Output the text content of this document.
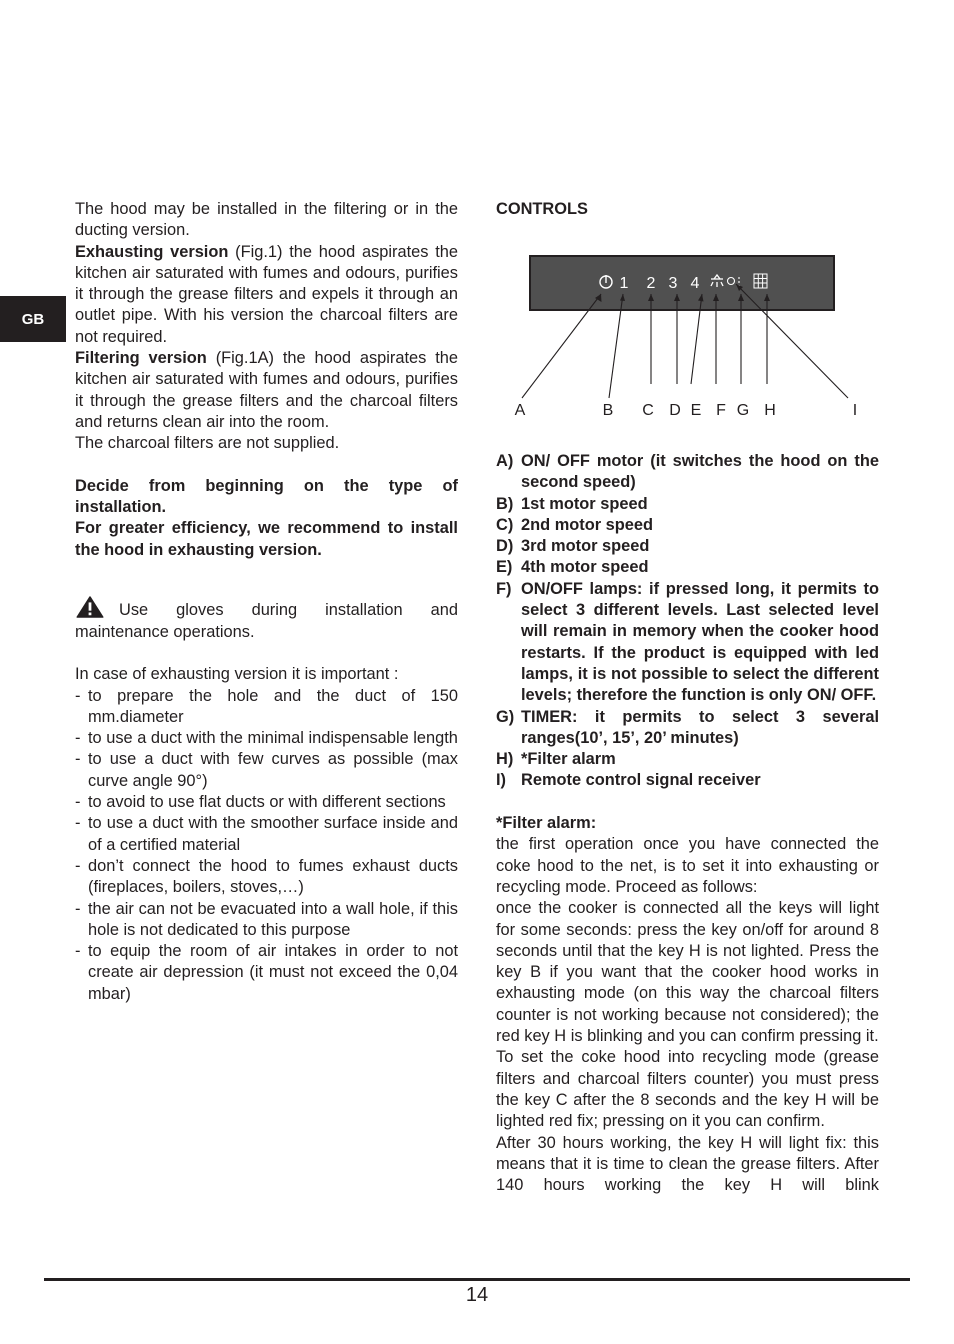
GB

The hood may be installed in the filtering or in the ducting version.

Exhausting version (Fig.1) the hood aspirates the kitchen air saturated with fumes and odours, purifies it through the grease filters and expels it through an outlet pipe. With his version the charcoal filters are not required.

Filtering version (Fig.1A) the hood aspirates the kitchen air saturated with fumes and odours, purifies it through the grease filters and the charcoal filters and returns clean air into the room.

The charcoal filters are not supplied.

Decide from beginning on the type of installation.

For greater efficiency, we recommend to install the hood in exhausting version.

Use gloves during installation and

maintenance operations.

In case of exhausting version it is important :

- to prepare the hole and the duct of 150 mm.diameter
- to use a duct with the minimal indispensable length
- to use a duct with few curves as possible (max curve angle 90°)
- to avoid to use flat ducts or with different sections
- to use a duct with the smoother surface inside and of a certified material
- don’t connect the hood to fumes exhaust ducts (fireplaces, boilers, stoves,…)
- the air can not be evacuated into a wall hole, if this hole is not dedicated to this purpose
- to equip the room of air intakes in order to not create air depression (it must not exceed the 0,04 mbar)

CONTROLS

1 2 3 4
A	B C D E F G H	I
A) ON/ OFF motor (it switches the hood on the second speed)
B) 1st motor speed
C) 2nd motor speed
D) 3rd motor speed
E) 4th motor speed
F) ON/OFF lamps: if pressed long, it permits to select 3 different levels. Last selected level will remain in memory when the cooker hood restarts. If the product is equipped with led lamps, it is not possible to select the different levels; therefore the function is only ON/ OFF.
G) TIMER: it permits to select 3 several ranges(10’, 15’, 20’ minutes)
H) *Filter alarm
I) Remote control signal receiver

*Filter alarm:

the first operation once you have connected the coke hood to the net, is to set it into exhausting or recycling mode. Proceed as follows:

once the cooker is connected all the keys will light for some seconds: press the key on/off for around 8 seconds until that the key H is not lighted. Press the key B if you want that the cooker hood works in exhausting mode (on this way the charcoal filters counter is not working because not considered); the red key H is blinking and you can confirm pressing it.

To set the coke hood into recycling mode (grease filters and charcoal filters counter) you must press the key C after the 8 seconds and the key H will be lighted red fix; pressing on it you can confirm.

After 30 hours working, the key H will light fix: this means that it is time to clean the grease filters. After 140 hours working the key H will blink

14
